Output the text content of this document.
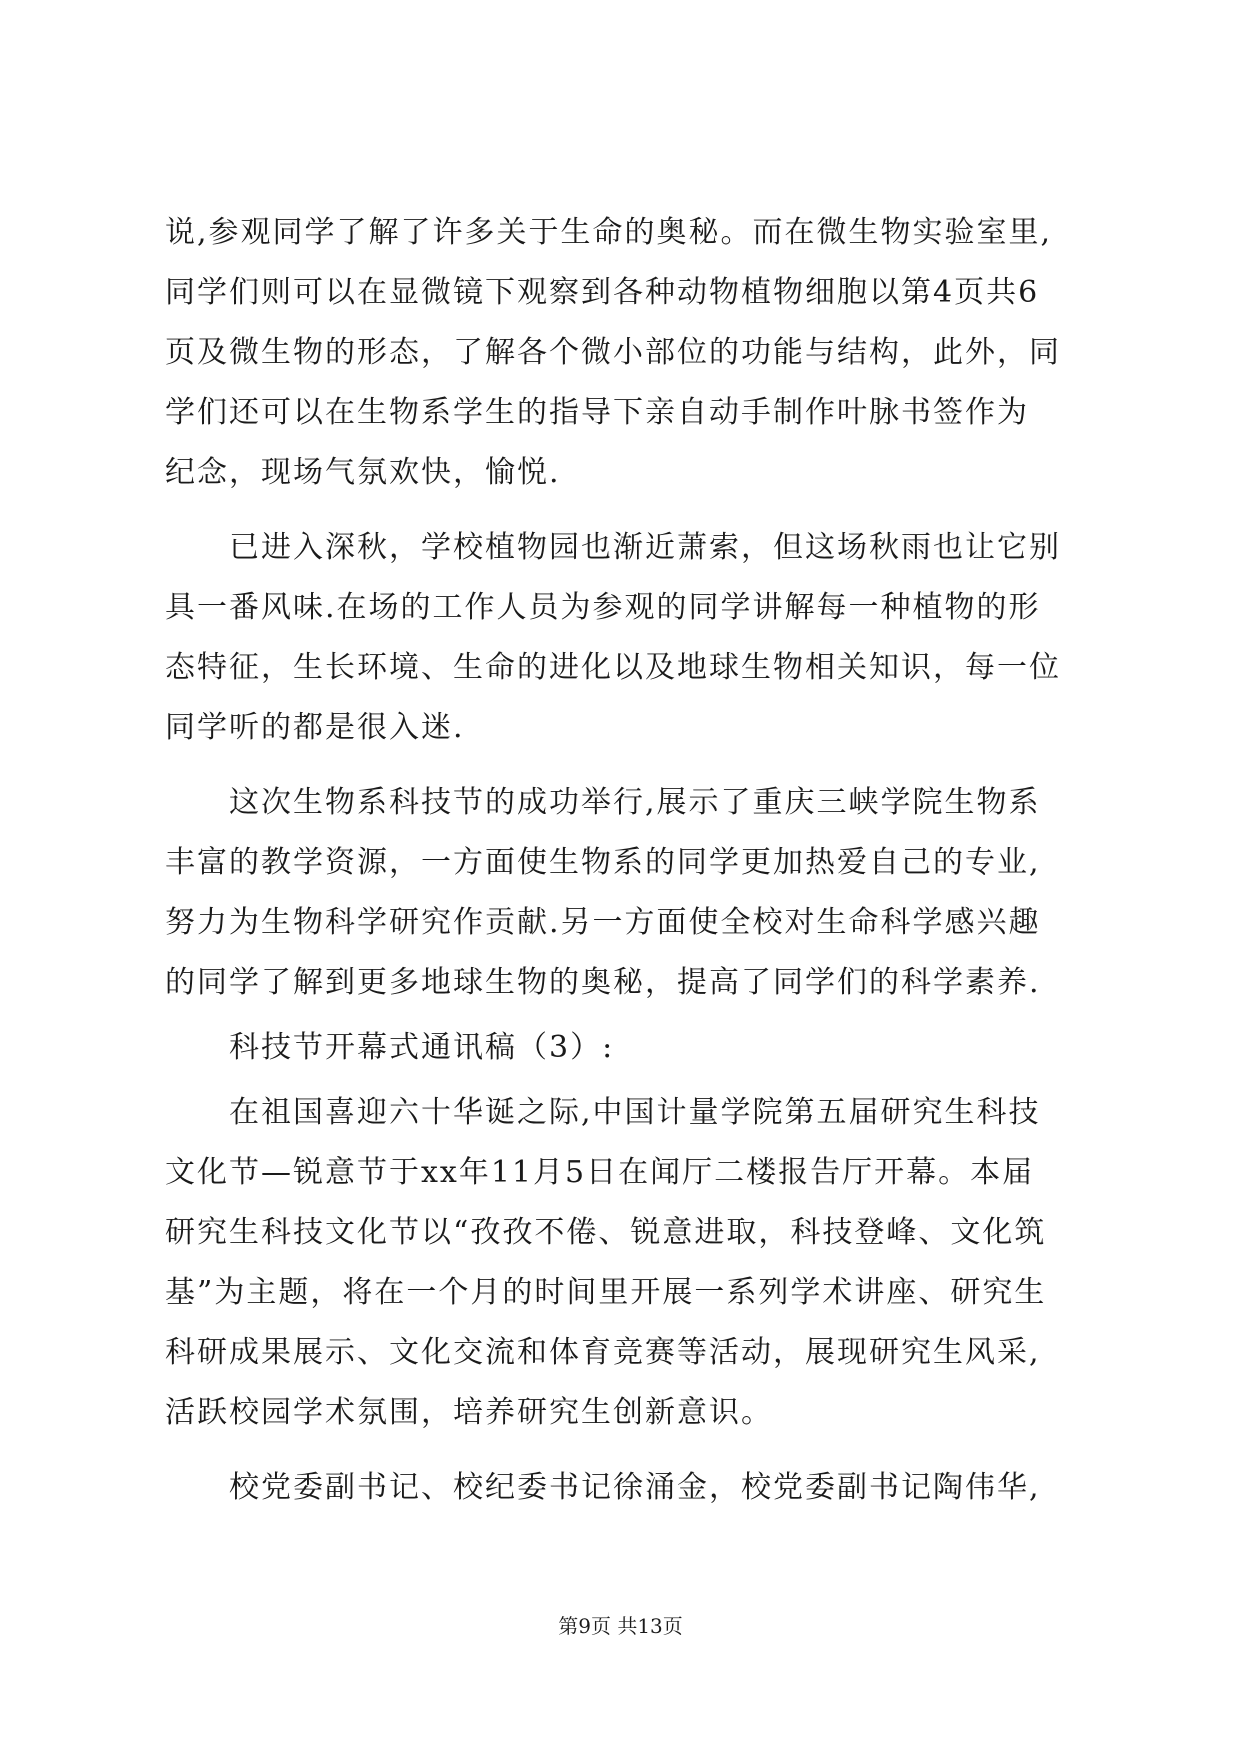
说,参观同学了解了许多关于生命的奥秘。而在微生物实验室里,
同学们则可以在显微镜下观察到各种动物植物细胞以第4页共6
页及微生物的形态，了解各个微小部位的功能与结构，此外，同
学们还可以在生物系学生的指导下亲自动手制作叶脉书签作为
纪念，现场气氛欢快，愉悦.
　　已进入深秋，学校植物园也渐近萧索，但这场秋雨也让它别
具一番风味.在场的工作人员为参观的同学讲解每一种植物的形
态特征，生长环境、生命的进化以及地球生物相关知识，每一位
同学听的都是很入迷.
　　这次生物系科技节的成功举行,展示了重庆三峡学院生物系
丰富的教学资源，一方面使生物系的同学更加热爱自己的专业,
努力为生物科学研究作贡献.另一方面使全校对生命科学感兴趣
的同学了解到更多地球生物的奥秘，提高了同学们的科学素养.
　　科技节开幕式通讯稿（3）:
　　在祖国喜迎六十华诞之际,中国计量学院第五届研究生科技
文化节—锐意节于xx年11月5日在闻厅二楼报告厅开幕。本届
研究生科技文化节以“孜孜不倦、锐意进取，科技登峰、文化筑
基”为主题，将在一个月的时间里开展一系列学术讲座、研究生
科研成果展示、文化交流和体育竞赛等活动，展现研究生风采,
活跃校园学术氛围，培养研究生创新意识。
　　校党委副书记、校纪委书记徐涌金，校党委副书记陶伟华,
第9页 共13页
